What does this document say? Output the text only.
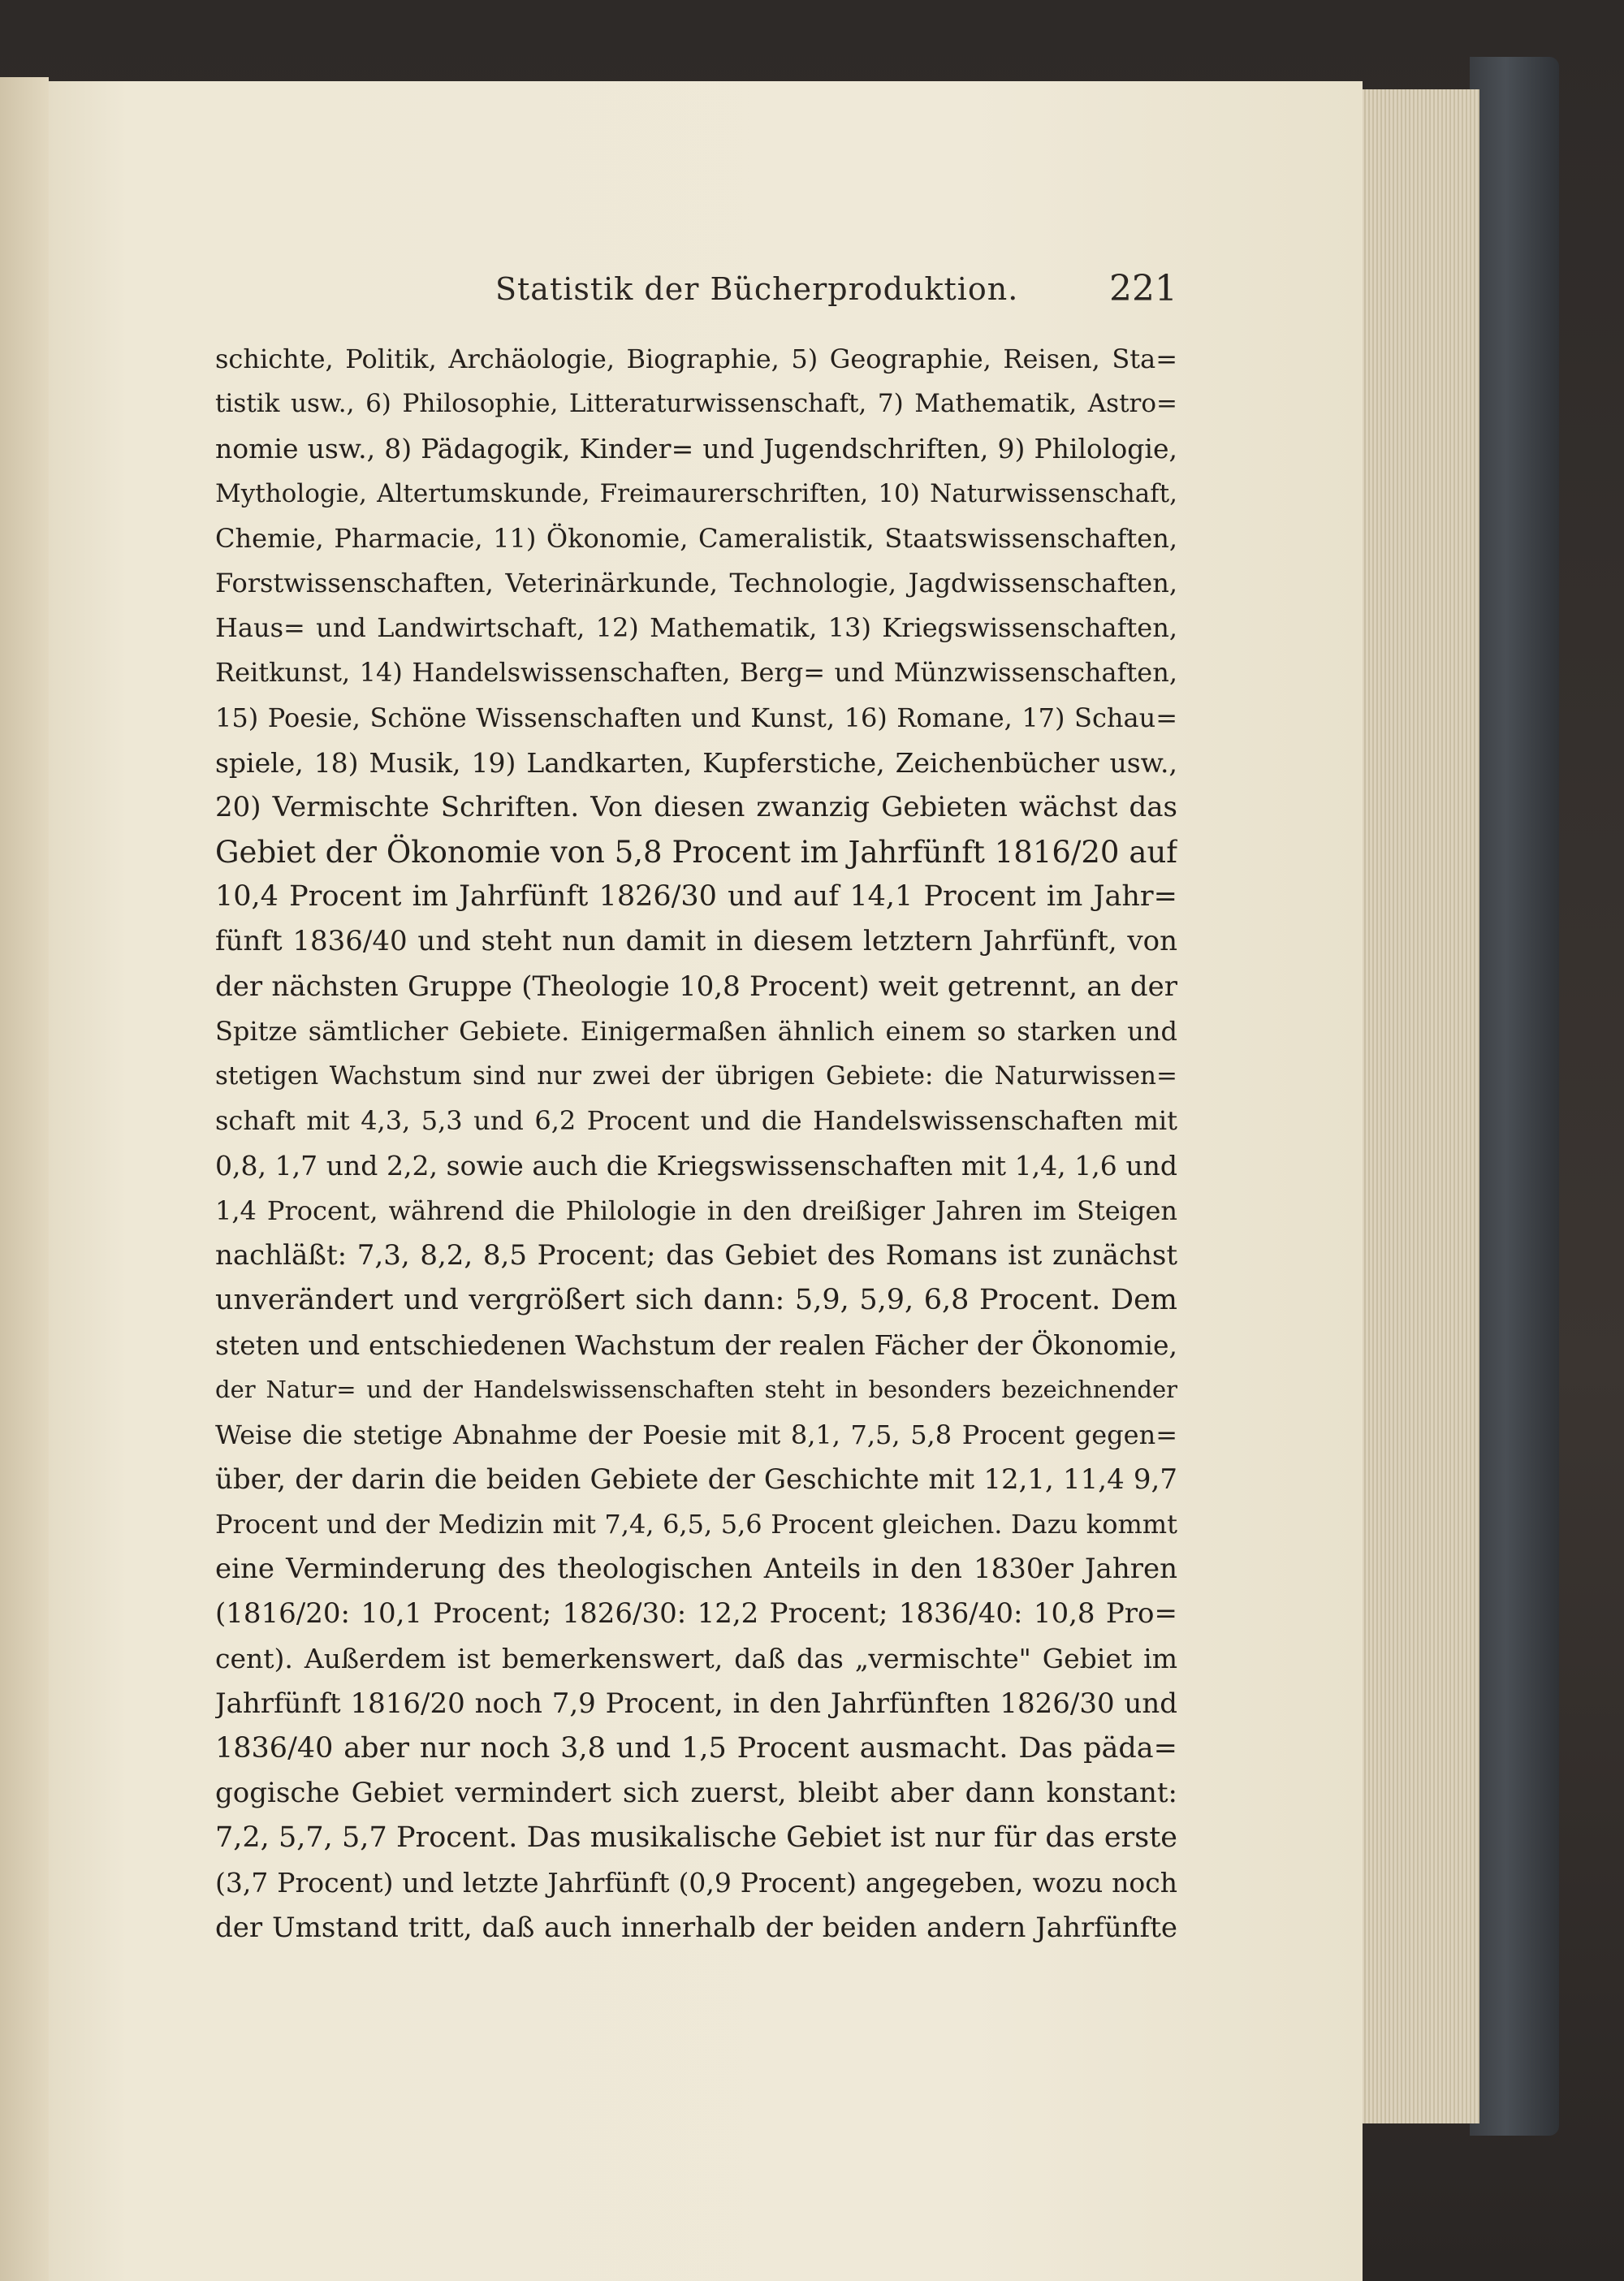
Statistik der Bücherproduktion.	221
schichte, Politik, Archäologie, Biographie, 5) Geographie, Reisen, Sta=
tistik usw., 6) Philosophie, Litteraturwissenschaft, 7) Mathematik, Astro=
nomie usw., 8) Pädagogik, Kinder= und Jugendschriften, 9) Philologie,
Mythologie, Altertumskunde, Freimaurerschriften, 10) Naturwissenschaft,
Chemie, Pharmacie, 11) Ökonomie, Cameralistik, Staatswissenschaften,
Forstwissenschaften, Veterinärkunde, Technologie, Jagdwissenschaften,
Haus= und Landwirtschaft, 12) Mathematik, 13) Kriegswissenschaften,
Reitkunst, 14) Handelswissenschaften, Berg= und Münzwissenschaften,
15) Poesie, Schöne Wissenschaften und Kunst, 16) Romane, 17) Schau=
spiele, 18) Musik, 19) Landkarten, Kupferstiche, Zeichenbücher usw.,
20) Vermischte Schriften. Von diesen zwanzig Gebieten wächst das
Gebiet der Ökonomie von 5,8 Procent im Jahrfünft 1816/20 auf
10,4 Procent im Jahrfünft 1826/30 und auf 14,1 Procent im Jahr=
fünft 1836/40 und steht nun damit in diesem letztern Jahrfünft, von
der nächsten Gruppe (Theologie 10,8 Procent) weit getrennt, an der
Spitze sämtlicher Gebiete. Einigermaßen ähnlich einem so starken und
stetigen Wachstum sind nur zwei der übrigen Gebiete: die Naturwissen=
schaft mit 4,3, 5,3 und 6,2 Procent und die Handelswissenschaften mit
0,8, 1,7 und 2,2, sowie auch die Kriegswissenschaften mit 1,4, 1,6 und
1,4 Procent, während die Philologie in den dreißiger Jahren im Steigen
nachläßt: 7,3, 8,2, 8,5 Procent; das Gebiet des Romans ist zunächst
unverändert und vergrößert sich dann: 5,9, 5,9, 6,8 Procent. Dem
steten und entschiedenen Wachstum der realen Fächer der Ökonomie,
der Natur= und der Handelswissenschaften steht in besonders bezeichnender
Weise die stetige Abnahme der Poesie mit 8,1, 7,5, 5,8 Procent gegen=
über, der darin die beiden Gebiete der Geschichte mit 12,1, 11,4 9,7
Procent und der Medizin mit 7,4, 6,5, 5,6 Procent gleichen. Dazu kommt
eine Verminderung des theologischen Anteils in den 1830er Jahren
(1816/20: 10,1 Procent; 1826/30: 12,2 Procent; 1836/40: 10,8 Pro=
cent). Außerdem ist bemerkenswert, daß das „vermischte" Gebiet im
Jahrfünft 1816/20 noch 7,9 Procent, in den Jahrfünften 1826/30 und
1836/40 aber nur noch 3,8 und 1,5 Procent ausmacht. Das päda=
gogische Gebiet vermindert sich zuerst, bleibt aber dann konstant:
7,2, 5,7, 5,7 Procent. Das musikalische Gebiet ist nur für das erste
(3,7 Procent) und letzte Jahrfünft (0,9 Procent) angegeben, wozu noch
der Umstand tritt, daß auch innerhalb der beiden andern Jahrfünfte
